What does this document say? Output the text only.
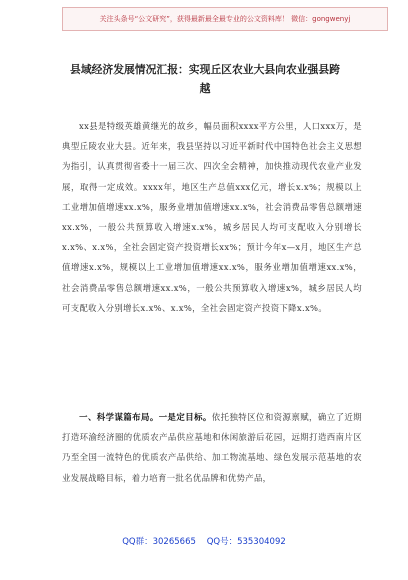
关注头条号“公文研究”，获得最新最全最专业的公文资料库！ 微信：gongwenyj
县域经济发展情况汇报：实现丘区农业大县向农业强县跨
越
xx县是特级英雄黄继光的故乡，幅员面积xxxx平方公里，人口xxx万，是典型丘陵农业大县。近年来，我县坚持以习近平新时代中国特色社会主义思想为指引，认真贯彻省委十一届三次、四次全会精神，加快推动现代农业产业发展，取得一定成效。xxxx年，地区生产总值xxx亿元，增长x.x%；规模以上工业增加值增速xx.x%，服务业增加值增速xx.x%，社会消费品零售总额增速xx.x%，一般公共预算收入增速x.x%，城乡居民人均可支配收入分别增长x.x%、x.x%，全社会固定资产投资增长xx%；预计今年x—x月，地区生产总值增速x.x%，规模以上工业增加值增速xx.x%，服务业增加值增速xx.x%，社会消费品零售总额增速xx.x%，一般公共预算收入增速x%，城乡居民人均可支配收入分别增长x.x%、x.x%，全社会固定资产投资下降x.x%。
一、科学谋篇布局。一是定目标。依托独特区位和资源禀赋，确立了近期打造环渝经济圈的优质农产品供应基地和休闲旅游后花园，远期打造西南片区乃至全国一流特色的优质农产品供给、加工物流基地、绿色发展示范基地的农业发展战略目标，着力培育一批名优品牌和优势产品，
QQ群：30265665 QQ号：535304092
